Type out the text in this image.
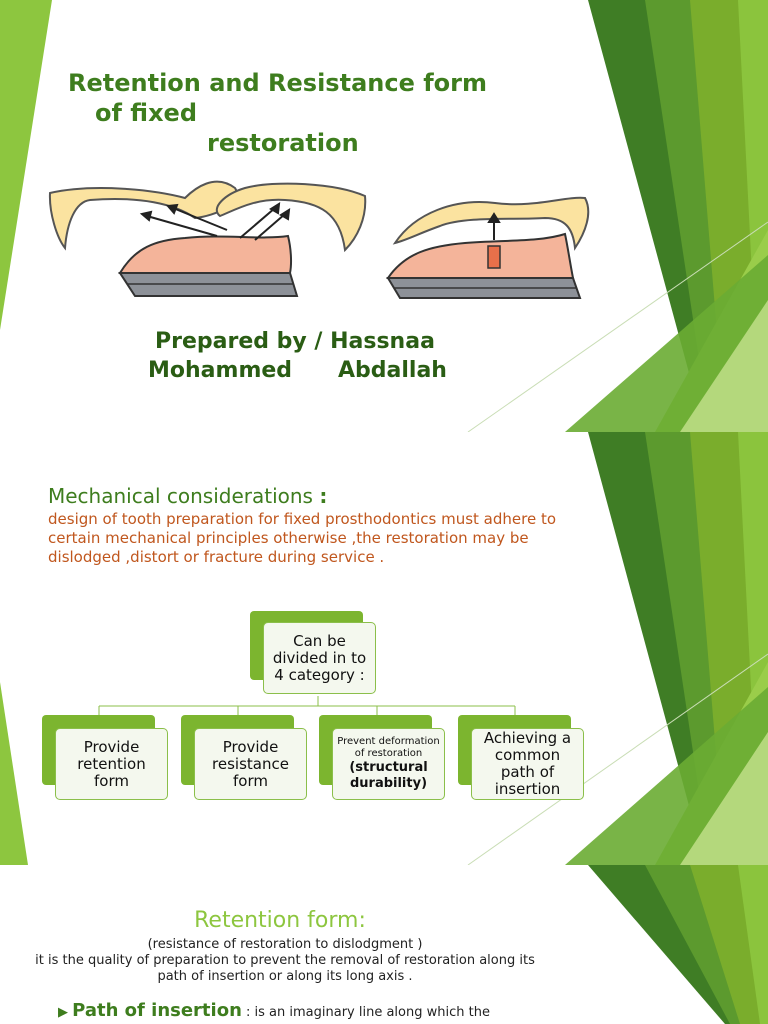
Retention and Resistance form
of fixed
restoration
Prepared by / Hassnaa
Mohammed Abdallah
Mechanical considerations :
design of tooth preparation for fixed prosthodontics must adhere to certain mechanical principles otherwise ,the restoration may be dislodged ,distort or fracture during service .
Can be divided in to 4 category :
Provide retention form
Provide resistance form
Prevent deformation of restoration
(structural durability)
Achieving a common path of insertion
Retention form:
(resistance of restoration to dislodgment )
it is the quality of preparation to prevent the removal of restoration along its
path of insertion or along its long axis .
▶ Path of insertion : is an imaginary line along which the
